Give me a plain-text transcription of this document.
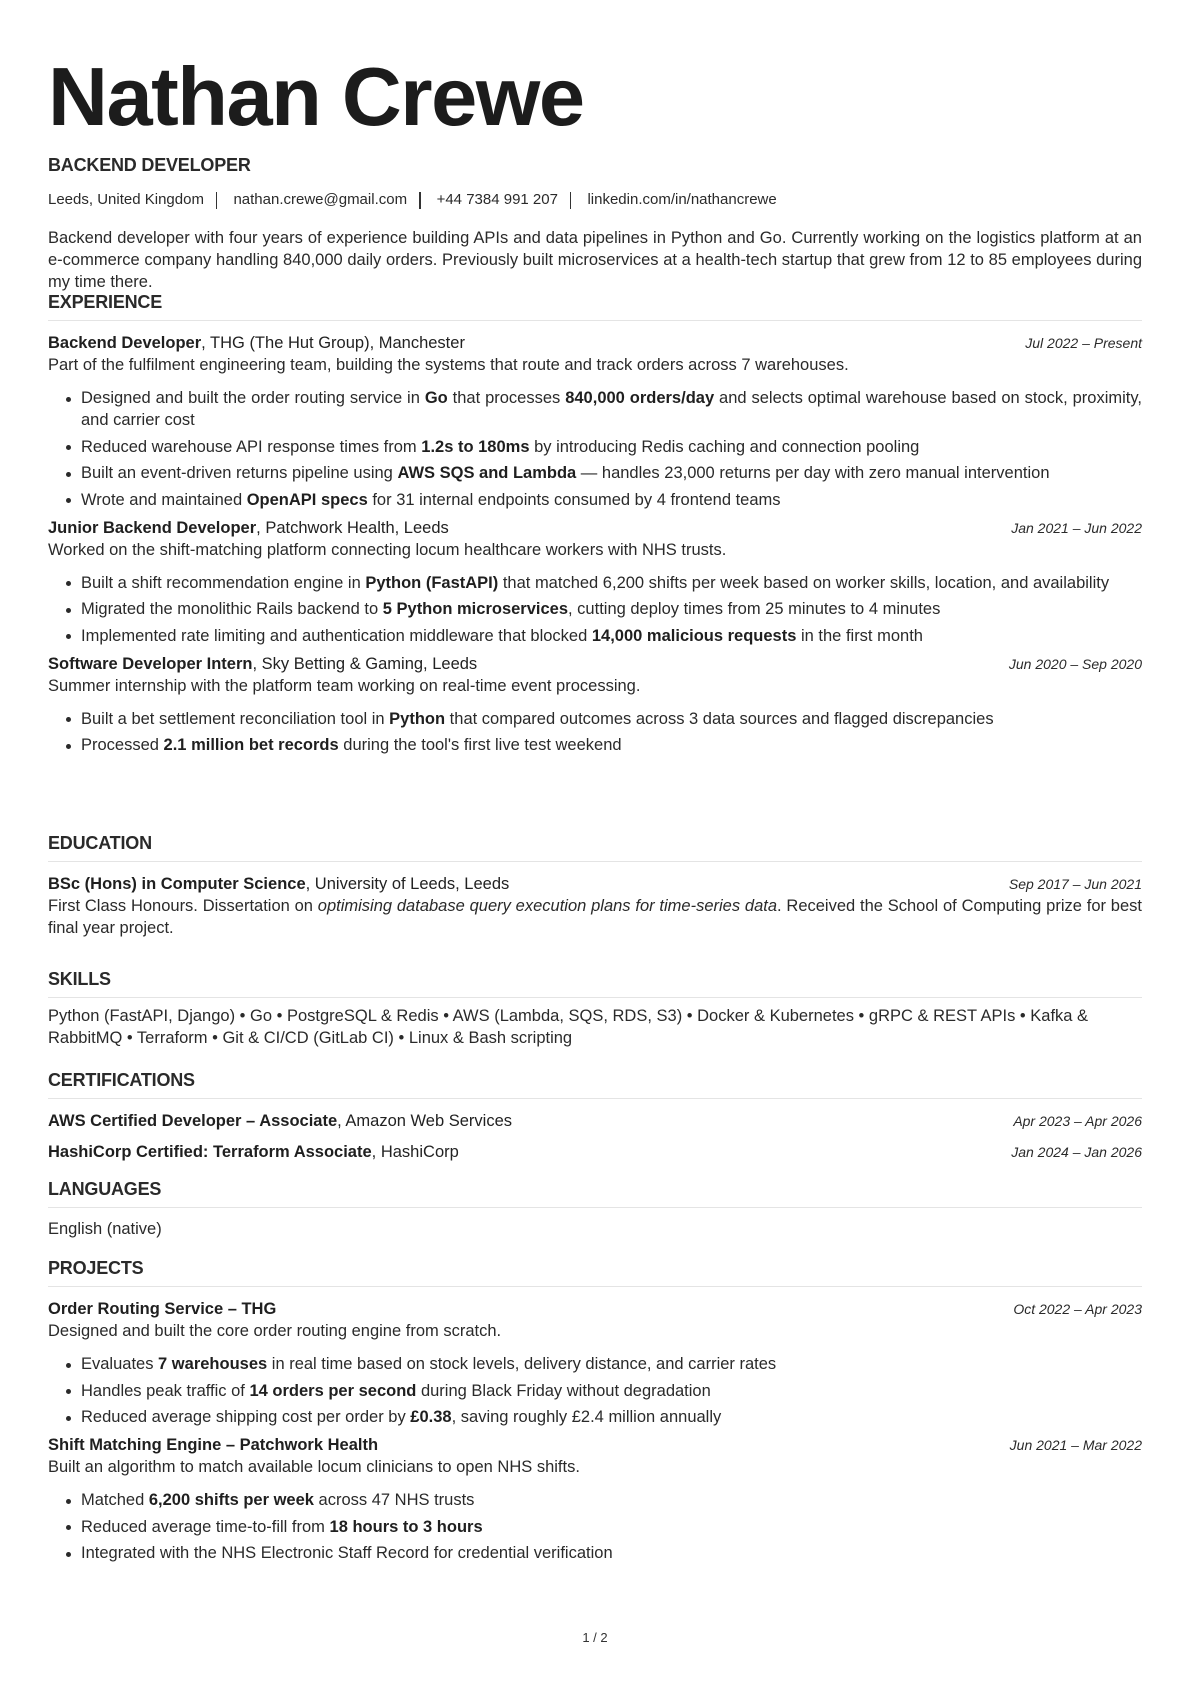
Nathan Crewe
BACKEND DEVELOPER
Leeds, United Kingdom nathan.crewe@gmail.com +44 7384 991 207 linkedin.com/in/nathancrewe
Backend developer with four years of experience building APIs and data pipelines in Python and Go. Currently working on the logistics platform at an e-commerce company handling 840,000 daily orders. Previously built microservices at a health-tech startup that grew from 12 to 85 employees during my time there.
EXPERIENCE
Backend Developer, THG (The Hut Group), Manchester	Jul 2022 – Present
Part of the fulfilment engineering team, building the systems that route and track orders across 7 warehouses.
Designed and built the order routing service in Go that processes 840,000 orders/day and selects optimal warehouse based on stock, proximity, and carrier cost
Reduced warehouse API response times from 1.2s to 180ms by introducing Redis caching and connection pooling
Built an event-driven returns pipeline using AWS SQS and Lambda — handles 23,000 returns per day with zero manual intervention
Wrote and maintained OpenAPI specs for 31 internal endpoints consumed by 4 frontend teams
Junior Backend Developer, Patchwork Health, Leeds	Jan 2021 – Jun 2022
Worked on the shift-matching platform connecting locum healthcare workers with NHS trusts.
Built a shift recommendation engine in Python (FastAPI) that matched 6,200 shifts per week based on worker skills, location, and availability
Migrated the monolithic Rails backend to 5 Python microservices, cutting deploy times from 25 minutes to 4 minutes
Implemented rate limiting and authentication middleware that blocked 14,000 malicious requests in the first month
Software Developer Intern, Sky Betting & Gaming, Leeds	Jun 2020 – Sep 2020
Summer internship with the platform team working on real-time event processing.
Built a bet settlement reconciliation tool in Python that compared outcomes across 3 data sources and flagged discrepancies
Processed 2.1 million bet records during the tool's first live test weekend
EDUCATION
BSc (Hons) in Computer Science, University of Leeds, Leeds	Sep 2017 – Jun 2021
First Class Honours. Dissertation on optimising database query execution plans for time-series data. Received the School of Computing prize for best final year project.
SKILLS
Python (FastAPI, Django) • Go • PostgreSQL & Redis • AWS (Lambda, SQS, RDS, S3) • Docker & Kubernetes • gRPC & REST APIs • Kafka & RabbitMQ • Terraform • Git & CI/CD (GitLab CI) • Linux & Bash scripting
CERTIFICATIONS
AWS Certified Developer – Associate, Amazon Web Services	Apr 2023 – Apr 2026
HashiCorp Certified: Terraform Associate, HashiCorp	Jan 2024 – Jan 2026
LANGUAGES
English (native)
PROJECTS
Order Routing Service – THG	Oct 2022 – Apr 2023
Designed and built the core order routing engine from scratch.
Evaluates 7 warehouses in real time based on stock levels, delivery distance, and carrier rates
Handles peak traffic of 14 orders per second during Black Friday without degradation
Reduced average shipping cost per order by £0.38, saving roughly £2.4 million annually
Shift Matching Engine – Patchwork Health	Jun 2021 – Mar 2022
Built an algorithm to match available locum clinicians to open NHS shifts.
Matched 6,200 shifts per week across 47 NHS trusts
Reduced average time-to-fill from 18 hours to 3 hours
Integrated with the NHS Electronic Staff Record for credential verification
1 / 2
